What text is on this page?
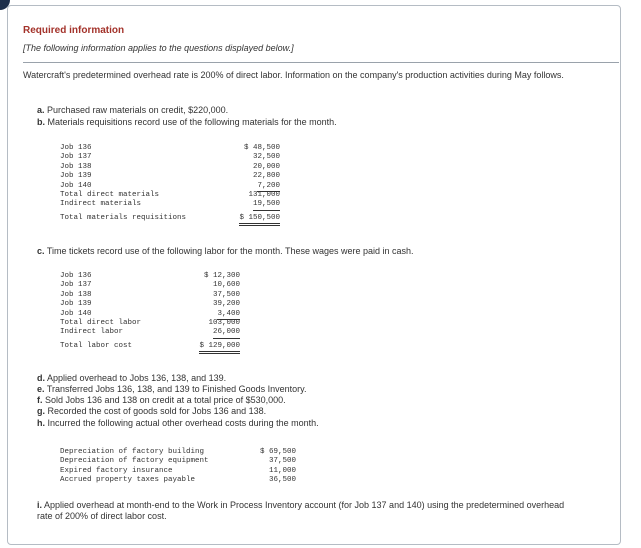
Required information

[The following information applies to the questions displayed below.]

Watercraft's predetermined overhead rate is 200% of direct labor. Information on the company's production activities during May follows.

a. Purchased raw materials on credit, $220,000.

b. Materials requisitions record use of the following materials for the month.

Job 136	$ 48,500
Job 137	32,500
Job 138	20,000
Job 139	22,800
Job 140	7,200
Total direct materials	131,000
Indirect materials	19,500
Total materials requisitions	$ 150,500

c. Time tickets record use of the following labor for the month. These wages were paid in cash.

Job 136	$ 12,300
Job 137	10,600
Job 138	37,500
Job 139	39,200
Job 140	3,400
Total direct labor	103,000
Indirect labor	26,000
Total labor cost	$ 129,000

d. Applied overhead to Jobs 136, 138, and 139.

e. Transferred Jobs 136, 138, and 139 to Finished Goods Inventory.

f. Sold Jobs 136 and 138 on credit at a total price of $530,000.

g. Recorded the cost of goods sold for Jobs 136 and 138.

h. Incurred the following actual other overhead costs during the month.

Depreciation of factory building	$ 69,500
Depreciation of factory equipment	37,500
Expired factory insurance	11,000
Accrued property taxes payable	36,500

i. Applied overhead at month-end to the Work in Process Inventory account (for Job 137 and 140) using the predetermined overhead rate of 200% of direct labor cost.
